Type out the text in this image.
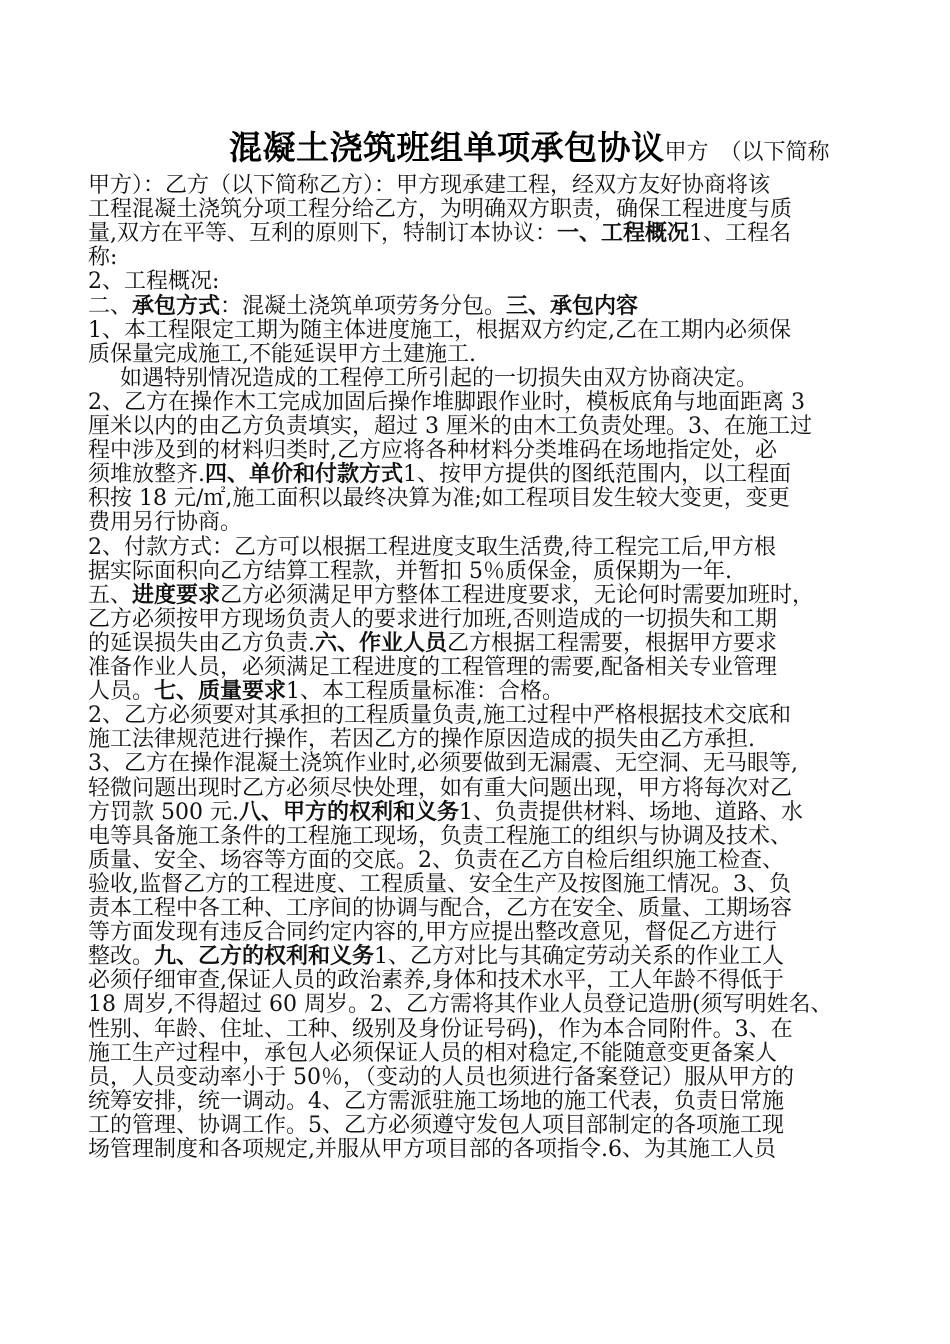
混凝土浇筑班组单项承包协议甲方　（以下简称
甲方）：乙方（以下简称乙方）：甲方现承建工程，经双方友好协商将该
工程混凝土浇筑分项工程分给乙方，为明确双方职责，确保工程进度与质
量,双方在平等、互利的原则下，特制订本协议：一、工程概况1、工程名
称:
2、工程概况:
二、承包方式：混凝土浇筑单项劳务分包。三、承包内容
1、本工程限定工期为随主体进度施工，根据双方约定,乙在工期内必须保
质保量完成施工,不能延误甲方土建施工.
如遇特别情况造成的工程停工所引起的一切损失由双方协商决定。
2、乙方在操作木工完成加固后操作堆脚跟作业时，模板底角与地面距离 3
厘米以内的由乙方负责填实，超过 3 厘米的由木工负责处理。3、在施工过
程中涉及到的材料归类时,乙方应将各种材料分类堆码在场地指定处，必
须堆放整齐.四、单价和付款方式1、按甲方提供的图纸范围内，以工程面
积按 18 元/㎡,施工面积以最终决算为准;如工程项目发生较大变更，变更
费用另行协商。
2、付款方式：乙方可以根据工程进度支取生活费,待工程完工后,甲方根
据实际面积向乙方结算工程款，并暂扣 5％质保金，质保期为一年.
五、进度要求乙方必须满足甲方整体工程进度要求，无论何时需要加班时，
乙方必须按甲方现场负责人的要求进行加班,否则造成的一切损失和工期
的延误损失由乙方负责.六、作业人员乙方根据工程需要，根据甲方要求
准备作业人员，必须满足工程进度的工程管理的需要,配备相关专业管理
人员。七、质量要求1、本工程质量标准：合格。
2、乙方必须要对其承担的工程质量负责,施工过程中严格根据技术交底和
施工法律规范进行操作，若因乙方的操作原因造成的损失由乙方承担.
3、乙方在操作混凝土浇筑作业时,必须要做到无漏震、无空洞、无马眼等,
轻微问题出现时乙方必须尽快处理，如有重大问题出现，甲方将每次对乙
方罚款 500 元.八、甲方的权利和义务1、负责提供材料、场地、道路、水
电等具备施工条件的工程施工现场，负责工程施工的组织与协调及技术、
质量、安全、场容等方面的交底。2、负责在乙方自检后组织施工检查、
验收,监督乙方的工程进度、工程质量、安全生产及按图施工情况。3、负
责本工程中各工种、工序间的协调与配合，乙方在安全、质量、工期场容
等方面发现有违反合同约定内容的,甲方应提出整改意见，督促乙方进行
整改。九、乙方的权利和义务1、乙方对比与其确定劳动关系的作业工人
必须仔细审查,保证人员的政治素养,身体和技术水平，工人年龄不得低于
18 周岁,不得超过 60 周岁。2、乙方需将其作业人员登记造册(须写明姓名、
性别、年龄、住址、工种、级别及身份证号码)，作为本合同附件。3、在
施工生产过程中，承包人必须保证人员的相对稳定,不能随意变更备案人
员，人员变动率小于 50％，（变动的人员也须进行备案登记）服从甲方的
统筹安排，统一调动。4、乙方需派驻施工场地的施工代表，负责日常施
工的管理、协调工作。5、乙方必须遵守发包人项目部制定的各项施工现
场管理制度和各项规定,并服从甲方项目部的各项指令.6、为其施工人员
